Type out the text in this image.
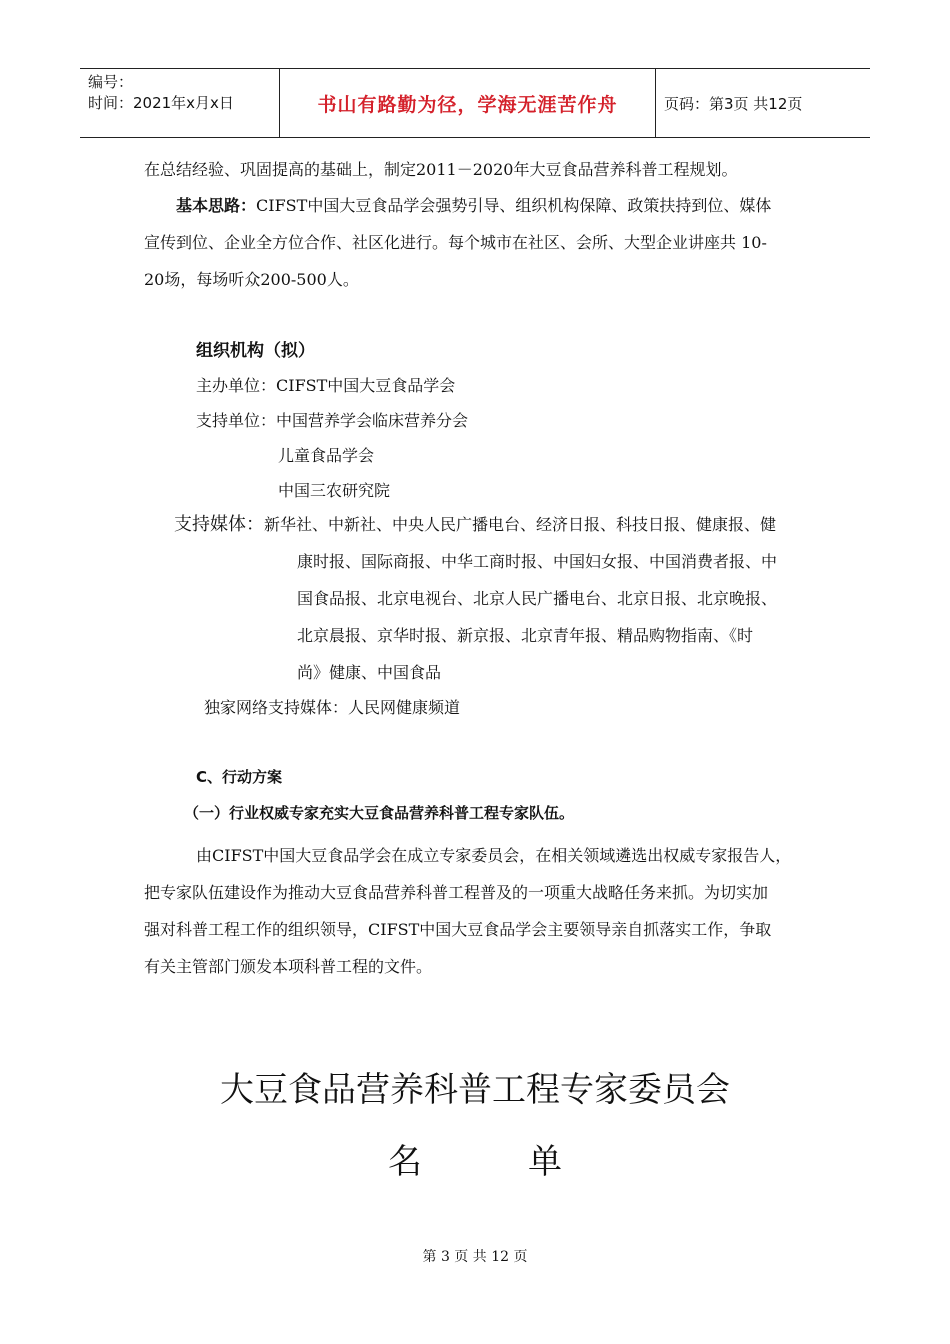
编号：
时间：2021年x月x日	书山有路勤为径，学海无涯苦作舟	页码：第3页 共12页
在总结经验、巩固提高的基础上，制定2011－2020年大豆食品营养科普工程规划。
基本思路：CIFST中国大豆食品学会强势引导、组织机构保障、政策扶持到位、媒体
宣传到位、企业全方位合作、社区化进行。每个城市在社区、会所、大型企业讲座共 10-
20场，每场听众200-500人。
组织机构（拟）
主办单位：CIFST中国大豆食品学会
支持单位：中国营养学会临床营养分会
儿童食品学会
中国三农研究院
支持媒体：新华社、中新社、中央人民广播电台、经济日报、科技日报、健康报、健
康时报、国际商报、中华工商时报、中国妇女报、中国消费者报、中
国食品报、北京电视台、北京人民广播电台、北京日报、北京晚报、
北京晨报、京华时报、新京报、北京青年报、精品购物指南、《时
尚》健康、中国食品
独家网络支持媒体：人民网健康频道
C、行动方案
（一）行业权威专家充实大豆食品营养科普工程专家队伍。
由CIFST中国大豆食品学会在成立专家委员会，在相关领域遴选出权威专家报告人，
把专家队伍建设作为推动大豆食品营养科普工程普及的一项重大战略任务来抓。为切实加
强对科普工程工作的组织领导，CIFST中国大豆食品学会主要领导亲自抓落实工作，争取
有关主管部门颁发本项科普工程的文件。
大豆食品营养科普工程专家委员会
名	单
第 3 页 共 12 页
